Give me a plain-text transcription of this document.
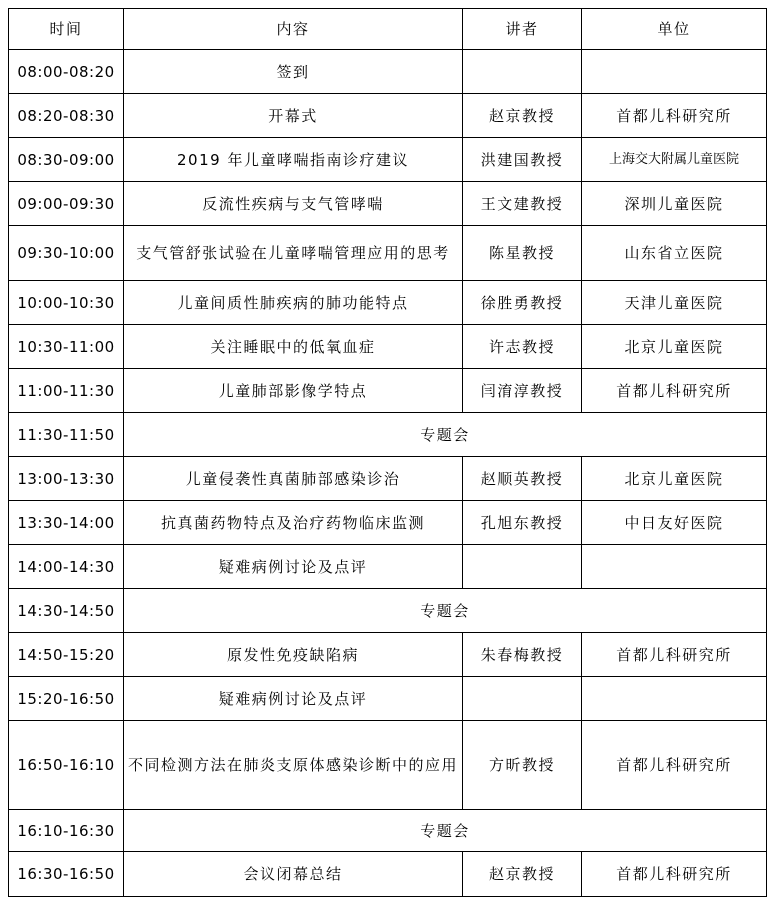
时间	内容	讲者	单位
08:00-08:20	签到		
08:20-08:30	开幕式	赵京教授	首都儿科研究所
08:30-09:00	2019 年儿童哮喘指南诊疗建议	洪建国教授	上海交大附属儿童医院
09:00-09:30	反流性疾病与支气管哮喘	王文建教授	深圳儿童医院
09:30-10:00	支气管舒张试验在儿童哮喘管理应用的思考	陈星教授	山东省立医院
10:00-10:30	儿童间质性肺疾病的肺功能特点	徐胜勇教授	天津儿童医院
10:30-11:00	关注睡眠中的低氧血症	许志教授	北京儿童医院
11:00-11:30	儿童肺部影像学特点	闫淯淳教授	首都儿科研究所
11:30-11:50	专题会		
13:00-13:30	儿童侵袭性真菌肺部感染诊治	赵顺英教授	北京儿童医院
13:30-14:00	抗真菌药物特点及治疗药物临床监测	孔旭东教授	中日友好医院
14:00-14:30	疑难病例讨论及点评		
14:30-14:50	专题会		
14:50-15:20	原发性免疫缺陷病	朱春梅教授	首都儿科研究所
15:20-16:50	疑难病例讨论及点评		
16:50-16:10	不同检测方法在肺炎支原体感染诊断中的应用	方昕教授	首都儿科研究所
16:10-16:30	专题会		
16:30-16:50	会议闭幕总结	赵京教授	首都儿科研究所
